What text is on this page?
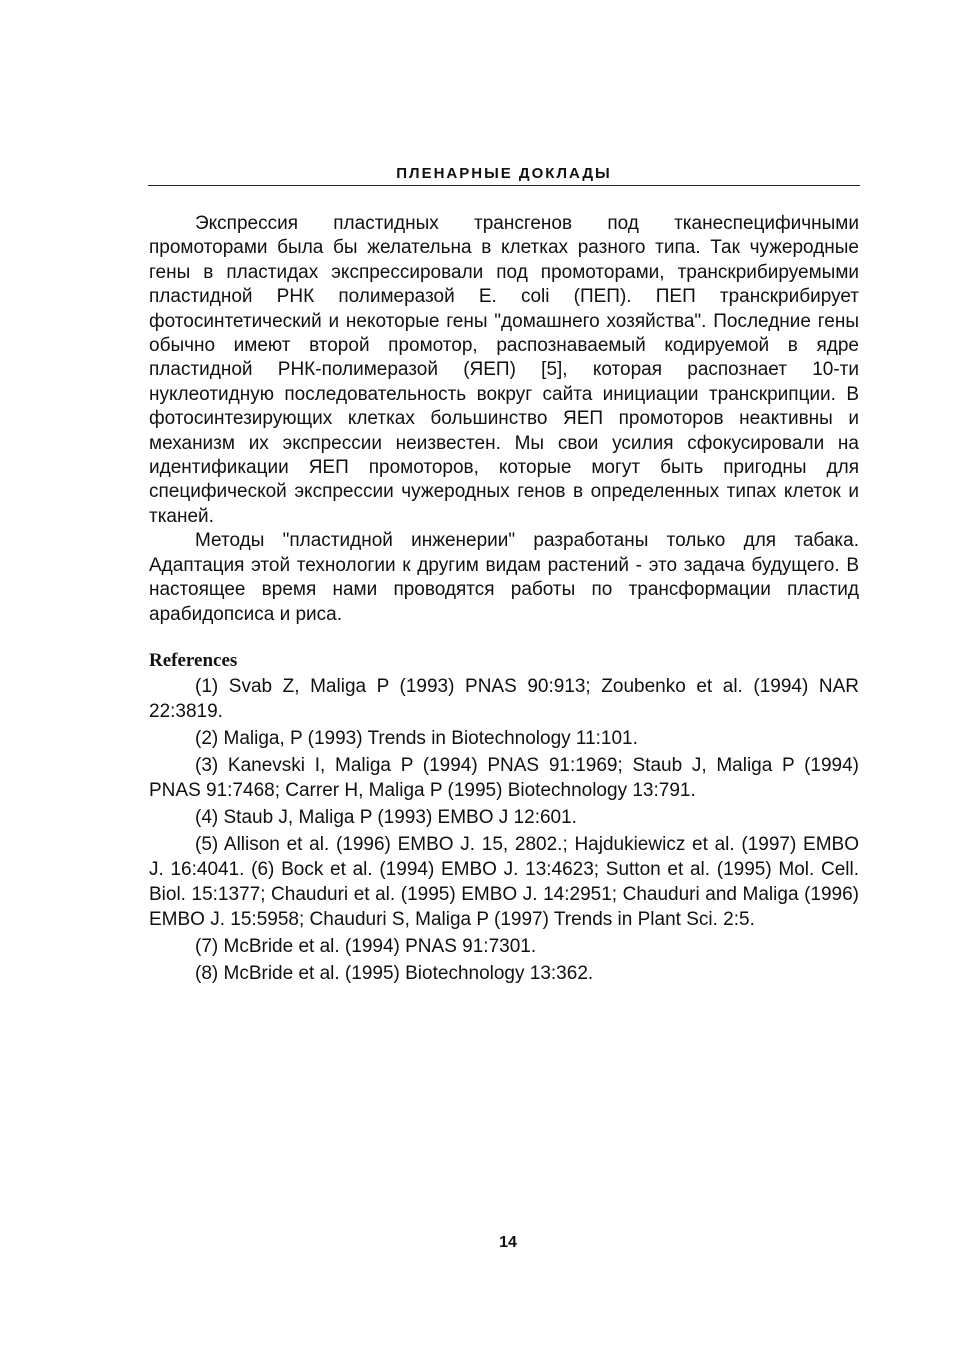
ПЛЕНАРНЫЕ ДОКЛАДЫ

Экспрессия пластидных трансгенов под тканеспецифичными промоторами была бы желательна в клетках разного типа. Так чужеродные гены в пластидах экспрессировали под промоторами, транскрибируемыми пластидной РНК полимеразой E. coli (ПЕП). ПЕП транскрибирует фотосинтетический и некоторые гены "домашнего хозяйства". Последние гены обычно имеют второй промотор, распознаваемый кодируемой в ядре пластидной РНК-полимеразой (ЯЕП) [5], которая распознает 10-ти нуклеотидную последовательность вокруг сайта инициации транскрипции. В фотосинтезирующих клетках большинство ЯЕП промоторов неактивны и механизм их экспрессии неизвестен. Мы свои усилия сфокусировали на идентификации ЯЕП промоторов, которые могут быть пригодны для специфической экспрессии чужеродных генов в определенных типах клеток и тканей.

Методы "пластидной инженерии" разработаны только для табака. Адаптация этой технологии к другим видам растений - это задача будущего. В настоящее время нами проводятся работы по трансформации пластид арабидопсиса и риса.

References

(1) Svab Z, Maliga P (1993) PNAS 90:913; Zoubenko et al. (1994) NAR 22:3819.

(2) Maliga, P (1993) Trends in Biotechnology 11:101.

(3) Kanevski I, Maliga P (1994) PNAS 91:1969; Staub J, Maliga P (1994) PNAS 91:7468; Carrer H, Maliga P (1995) Biotechnology 13:791.

(4) Staub J, Maliga P (1993) EMBO J 12:601.

(5) Allison et al. (1996) EMBO J. 15, 2802.; Hajdukiewicz et al. (1997) EMBO J. 16:4041. (6) Bock et al. (1994) EMBO J. 13:4623; Sutton et al. (1995) Mol. Cell. Biol. 15:1377; Chauduri et al. (1995) EMBO J. 14:2951; Chauduri and Maliga (1996) EMBO J. 15:5958; Chauduri S, Maliga P (1997) Trends in Plant Sci. 2:5.

(7) McBride et al. (1994) PNAS 91:7301.

(8) McBride et al. (1995) Biotechnology 13:362.

14
